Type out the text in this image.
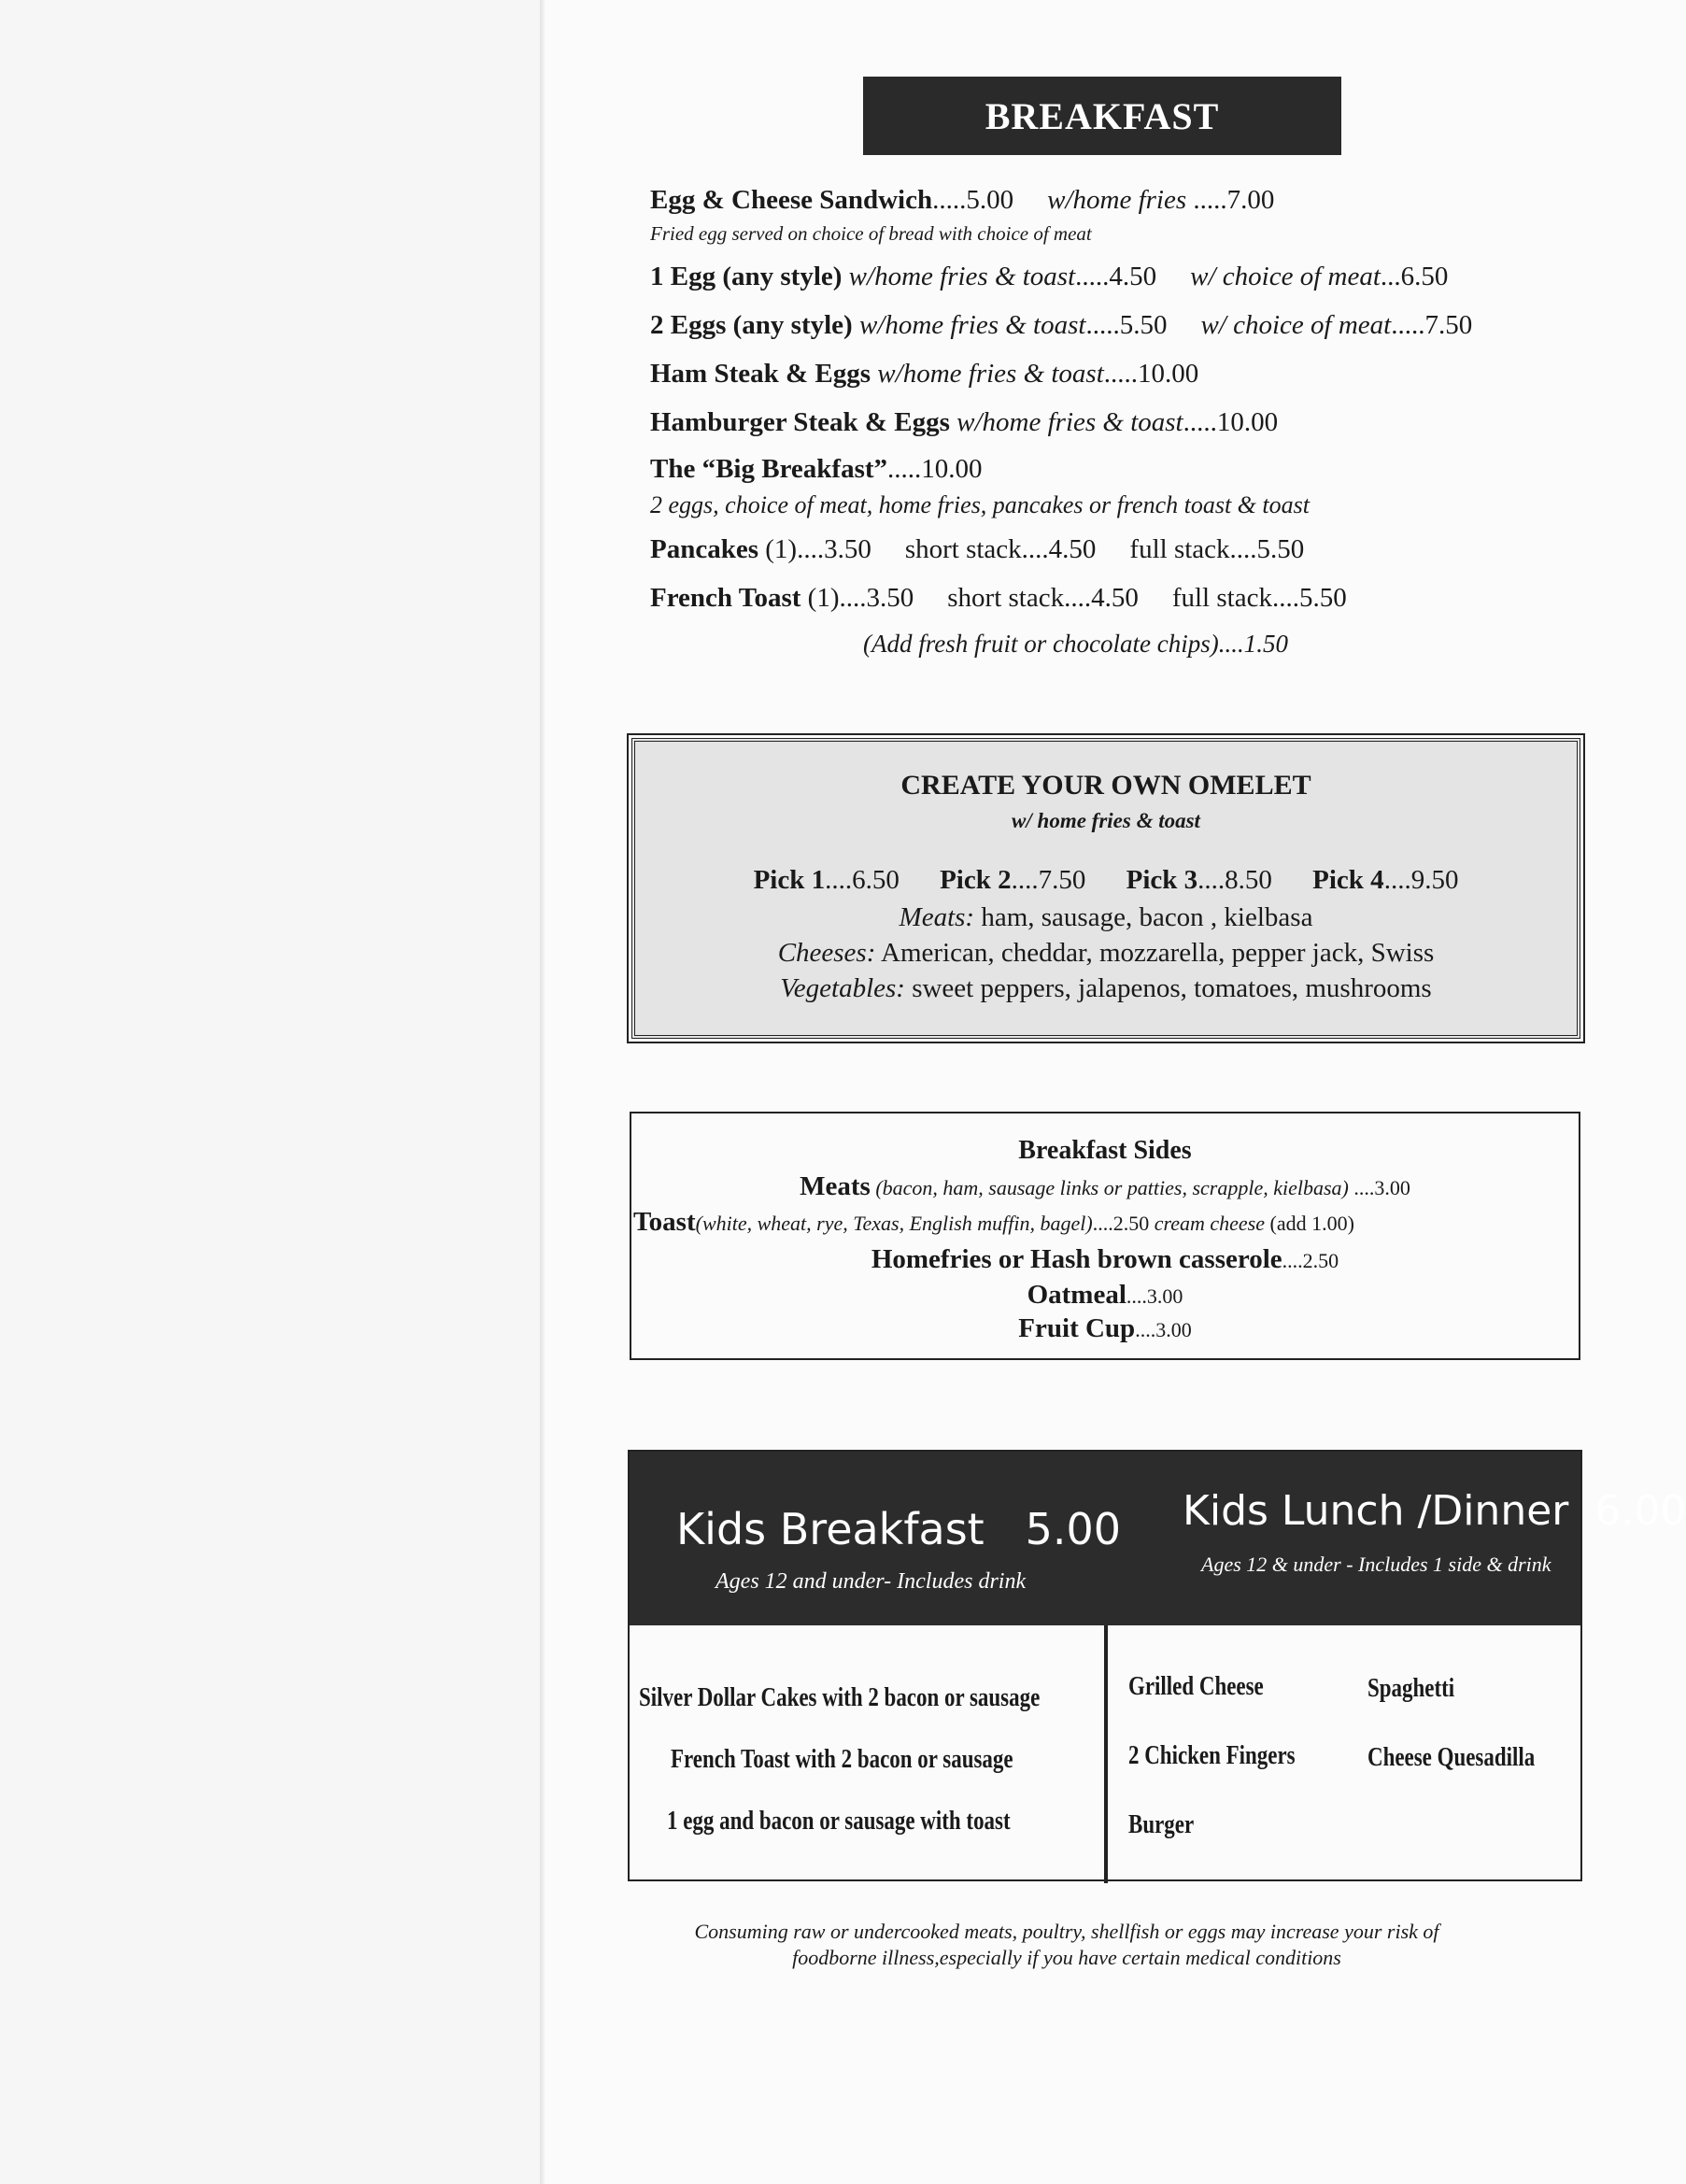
BREAKFAST
Egg & Cheese Sandwich.....5.00 w/home fries .....7.00
Fried egg served on choice of bread with choice of meat
1 Egg (any style) w/home fries & toast.....4.50 w/ choice of meat...6.50
2 Eggs (any style) w/home fries & toast.....5.50 w/ choice of meat.....7.50
Ham Steak & Eggs w/home fries & toast.....10.00
Hamburger Steak & Eggs w/home fries & toast.....10.00
The “Big Breakfast”.....10.00
2 eggs, choice of meat, home fries, pancakes or french toast & toast
Pancakes (1)....3.50 short stack....4.50 full stack....5.50
French Toast (1)....3.50 short stack....4.50 full stack....5.50
(Add fresh fruit or chocolate chips)....1.50
CREATE YOUR OWN OMELET
w/ home fries & toast
Pick 1....6.50 Pick 2....7.50 Pick 3....8.50 Pick 4....9.50
Meats: ham, sausage, bacon , kielbasa
Cheeses: American, cheddar, mozzarella, pepper jack, Swiss
Vegetables: sweet peppers, jalapenos, tomatoes, mushrooms
Breakfast Sides
Meats (bacon, ham, sausage links or patties, scrapple, kielbasa) ....3.00
Toast(white, wheat, rye, Texas, English muffin, bagel)....2.50 cream cheese (add 1.00)
Homefries or Hash brown casserole....2.50
Oatmeal....3.00
Fruit Cup....3.00
Kids Breakfast 5.00
Ages 12 and under- Includes drink
Kids Lunch /Dinner 6.00
Ages 12 & under - Includes 1 side & drink
Silver Dollar Cakes with 2 bacon or sausage
French Toast with 2 bacon or sausage
1 egg and bacon or sausage with toast
Grilled Cheese	Spaghetti
2 Chicken Fingers	Cheese Quesadilla
Burger
Consuming raw or undercooked meats, poultry, shellfish or eggs may increase your risk of
foodborne illness,especially if you have certain medical conditions
